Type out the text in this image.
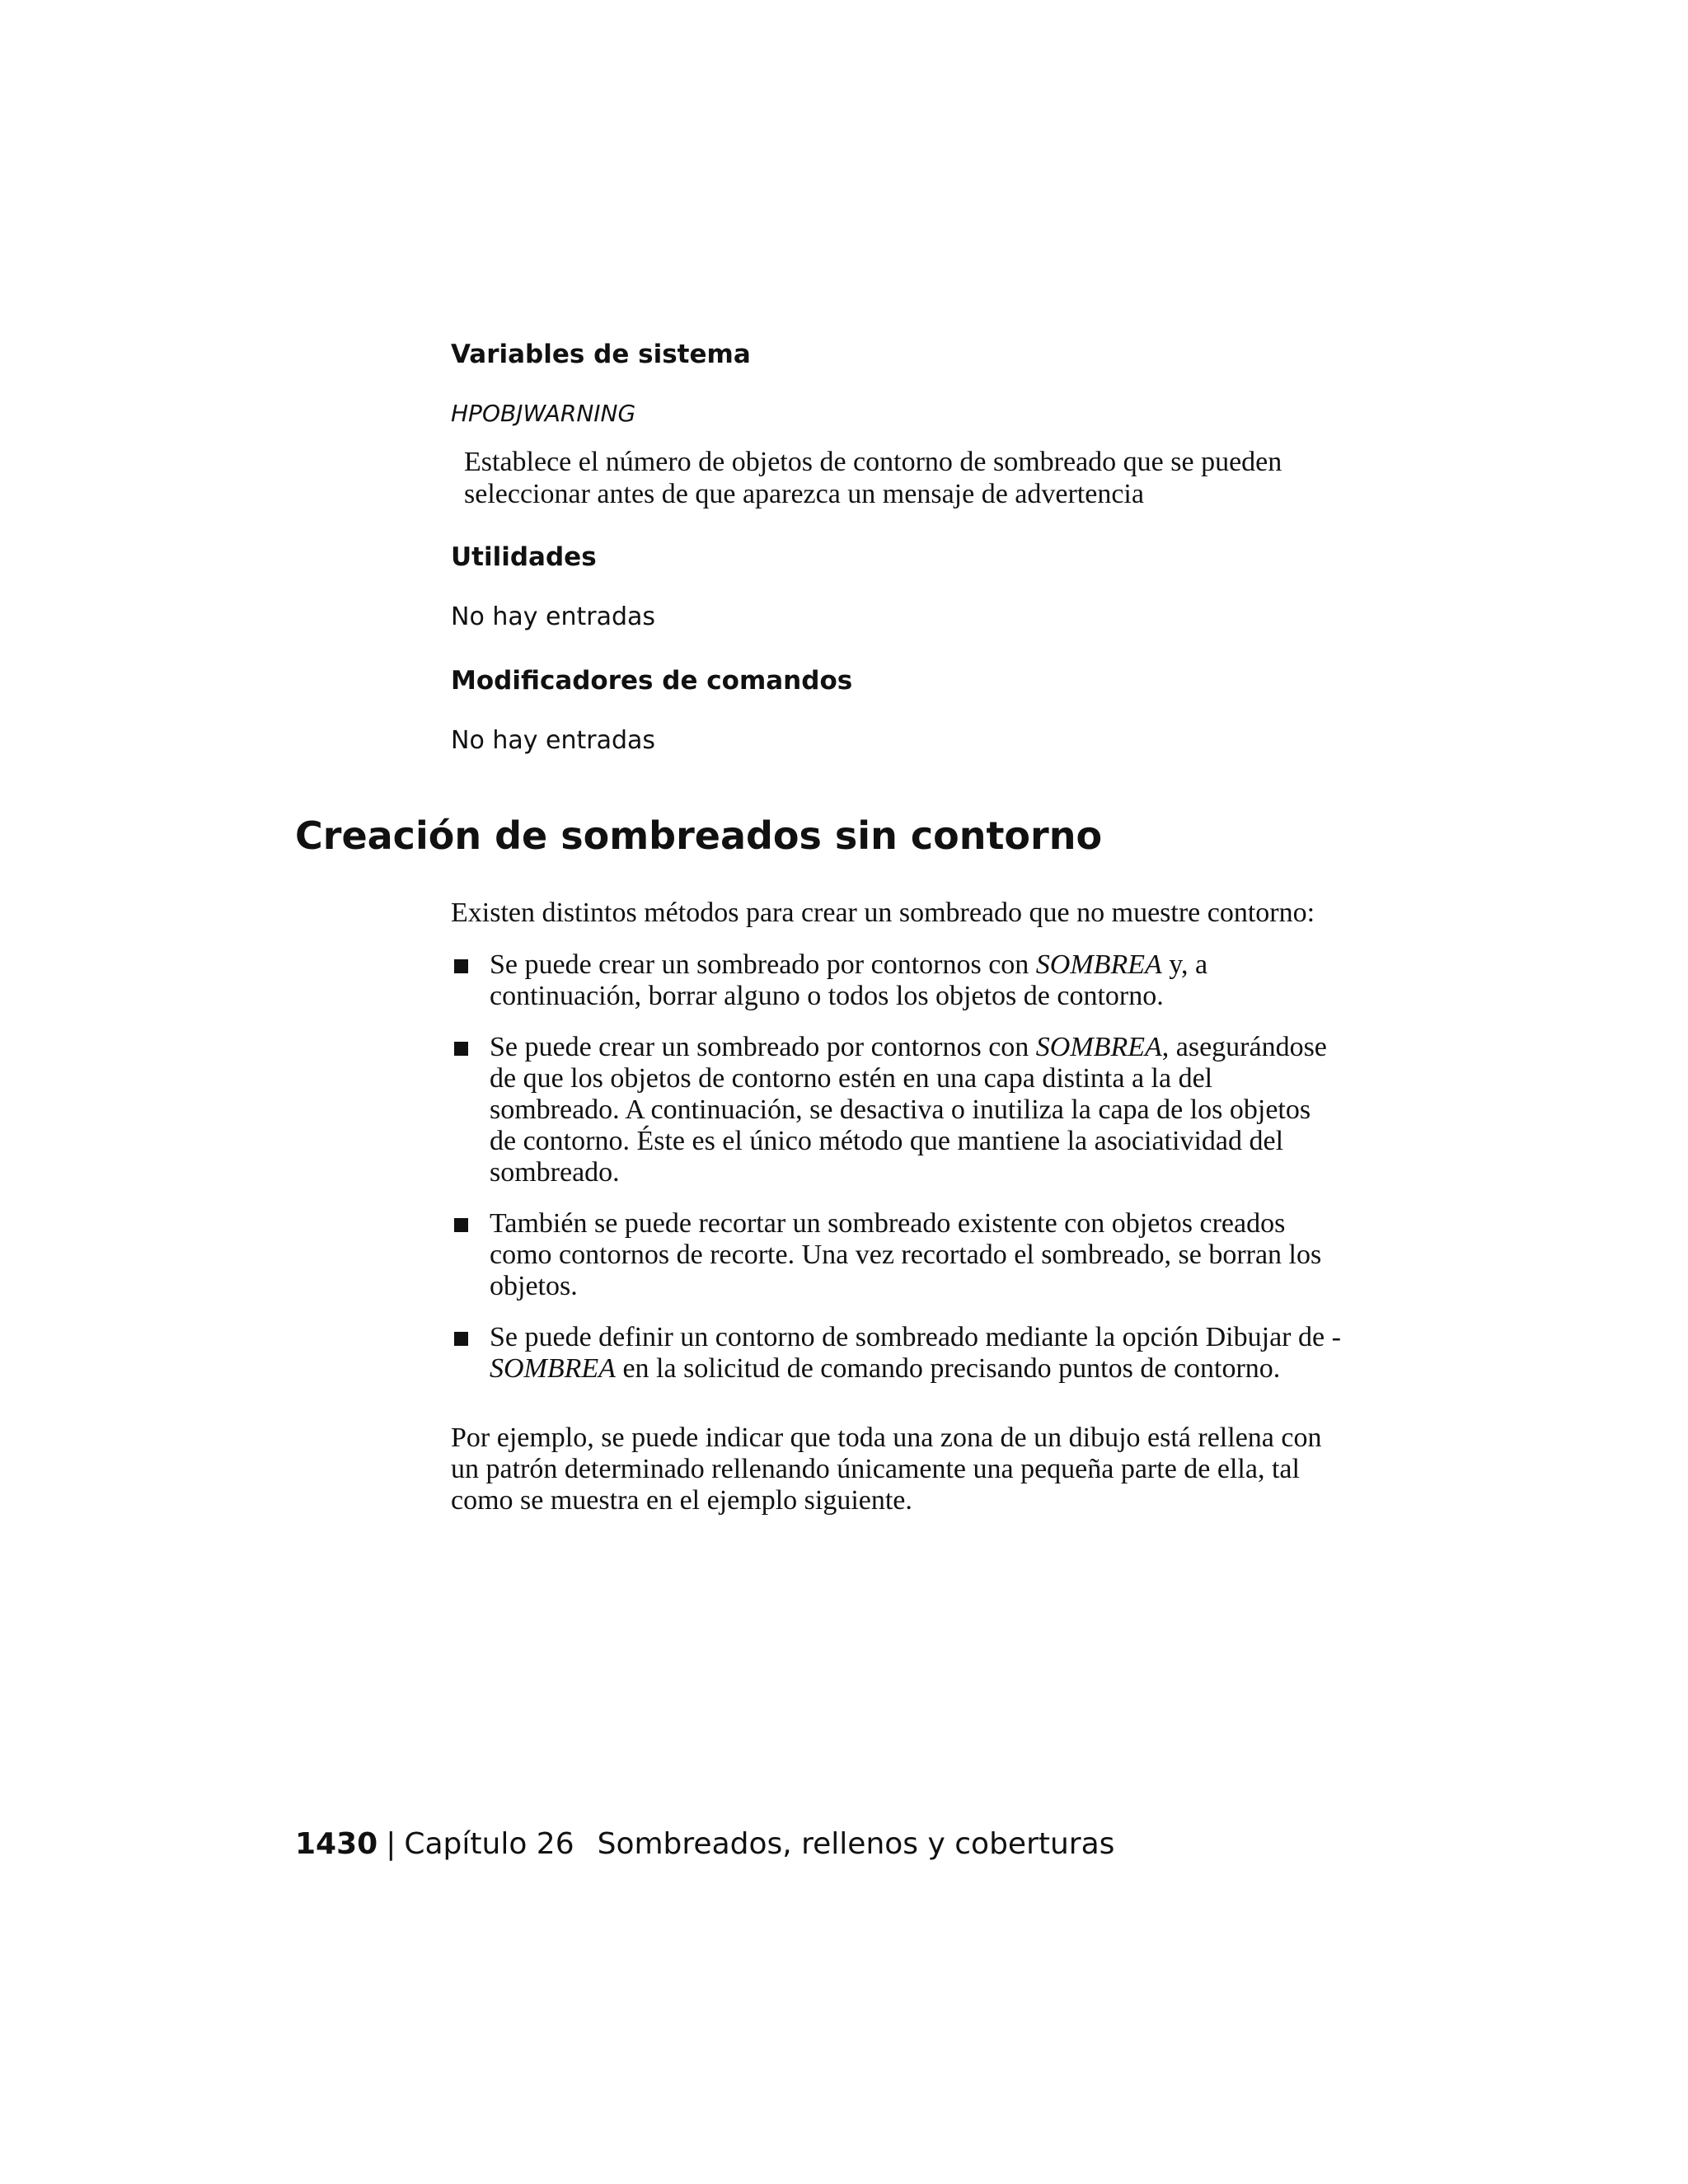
Variables de sistema

HPOBJWARNING
Establece el número de objetos de contorno de sombreado que se pueden
seleccionar antes de que aparezca un mensaje de advertencia

Utilidades

No hay entradas

Modificadores de comandos

No hay entradas
Creación de sombreados sin contorno
Existen distintos métodos para crear un sombreado que no muestre contorno:
Se puede crear un sombreado por contornos con SOMBREA y, a continuación, borrar alguno o todos los objetos de contorno.
Se puede crear un sombreado por contornos con SOMBREA, asegurándose de que los objetos de contorno estén en una capa distinta a la del sombreado. A continuación, se desactiva o inutiliza la capa de los objetos de contorno. Éste es el único método que mantiene la asociatividad del sombreado.
También se puede recortar un sombreado existente con objetos creados como contornos de recorte. Una vez recortado el sombreado, se borran los objetos.
Se puede definir un contorno de sombreado mediante la opción Dibujar de -SOMBREA en la solicitud de comando precisando puntos de contorno.
Por ejemplo, se puede indicar que toda una zona de un dibujo está rellena con un patrón determinado rellenando únicamente una pequeña parte de ella, tal como se muestra en el ejemplo siguiente.
1430 | Capítulo 26 Sombreados, rellenos y coberturas
